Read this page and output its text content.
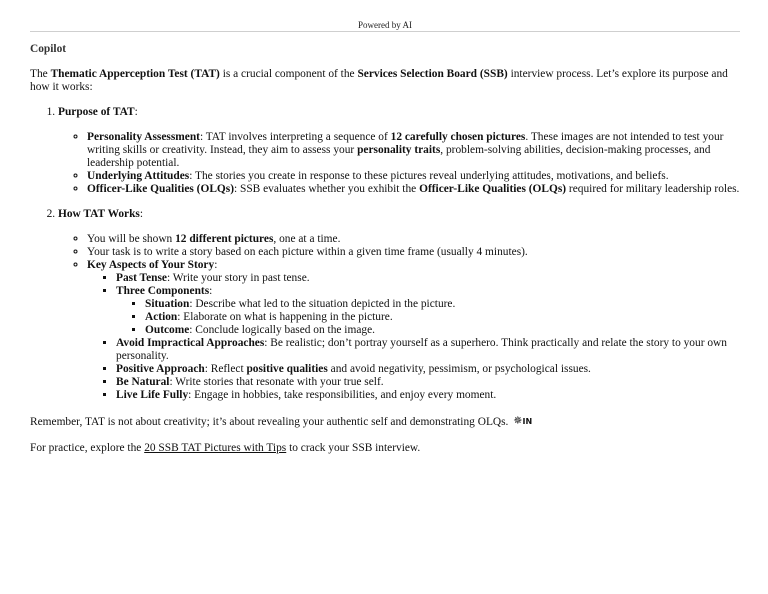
Powered by AI
Copilot

The Thematic Apperception Test (TAT) is a crucial component of the Services Selection Board (SSB) interview process. Let’s explore its purpose and how it works:

1. Purpose of TAT:
◦ Personality Assessment: TAT involves interpreting a sequence of 12 carefully chosen pictures. These images are not intended to test your writing skills or creativity. Instead, they aim to assess your personality traits, problem-solving abilities, decision-making processes, and leadership potential.
◦ Underlying Attitudes: The stories you create in response to these pictures reveal underlying attitudes, motivations, and beliefs.
◦ Officer-Like Qualities (OLQs): SSB evaluates whether you exhibit the Officer-Like Qualities (OLQs) required for military leadership roles.
2. How TAT Works:
◦ You will be shown 12 different pictures, one at a time.
◦ Your task is to write a story based on each picture within a given time frame (usually 4 minutes).
◦ Key Aspects of Your Story:
▪ Past Tense: Write your story in past tense.
▪ Three Components:
▪ Situation: Describe what led to the situation depicted in the picture.
▪ Action: Elaborate on what is happening in the picture.
▪ Outcome: Conclude logically based on the image.
▪ Avoid Impractical Approaches: Be realistic; don’t portray yourself as a superhero. Think practically and relate the story to your own personality.
▪ Positive Approach: Reflect positive qualities and avoid negativity, pessimism, or psychological issues.
▪ Be Natural: Write stories that resonate with your true self.
▪ Live Life Fully: Engage in hobbies, take responsibilities, and enjoy every moment.

Remember, TAT is not about creativity; it’s about revealing your authentic self and demonstrating OLQs. ✵IN

For practice, explore the 20 SSB TAT Pictures with Tips to crack your SSB interview.
